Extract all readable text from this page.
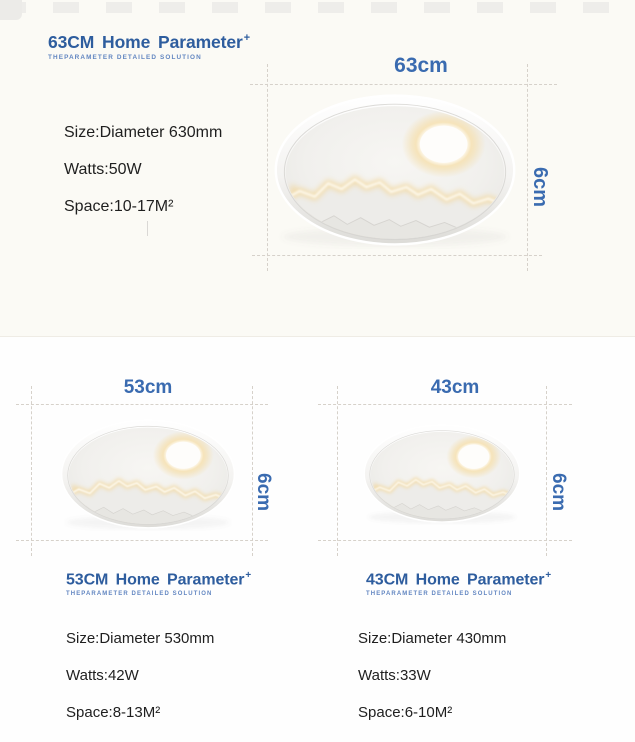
63CM Home Parameter+
THEPARAMETER DETAILED SOLUTION
Size:Diameter 630mm
Watts:50W
Space:10-17M²
63cm
6cm
53cm
6cm
53CM Home Parameter+
THEPARAMETER DETAILED SOLUTION
Size:Diameter 530mm
Watts:42W
Space:8-13M²
43cm
6cm
43CM Home Parameter+
THEPARAMETER DETAILED SOLUTION
Size:Diameter 430mm
Watts:33W
Space:6-10M²
